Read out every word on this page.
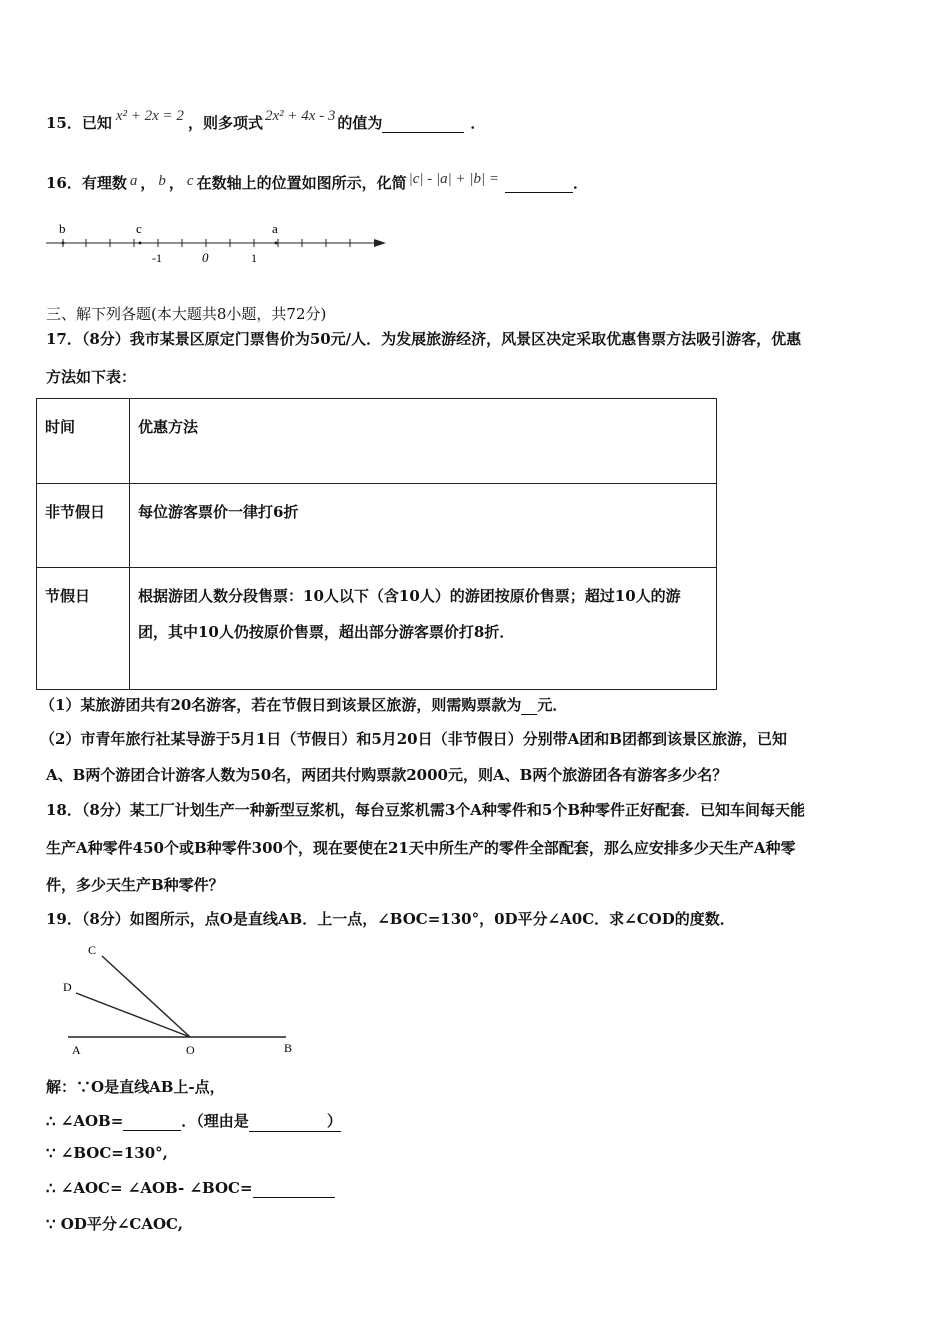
15．已知 x² + 2x = 2 ，则多项式 2x² + 4x - 3 的值为	．
16．有理数 a ， b ， c 在数轴上的位置如图所示，化简 |c| - |a| + |b| =	．
b	c	a
-1	0	1
三、解下列各题(本大题共8小题，共72分)
17．（8分）我市某景区原定门票售价为50元/人．为发展旅游经济，风景区决定采取优惠售票方法吸引游客，优惠
方法如下表：
时间	优惠方法
非节假日	每位游客票价一律打6折
节假日	根据游团人数分段售票：10人以下（含10人）的游团按原价售票；超过10人的游团，其中10人仍按原价售票，超出部分游客票价打8折．
（1）某旅游团共有20名游客，若在节假日到该景区旅游，则需购票款为 元．
（2）市青年旅行社某导游于5月1日（节假日）和5月20日（非节假日）分别带A团和B团都到该景区旅游，已知
A、B两个游团合计游客人数为50名，两团共付购票款2000元，则A、B两个旅游团各有游客多少名？
18．（8分）某工厂计划生产一种新型豆浆机，每台豆浆机需3个A种零件和5个B种零件正好配套．已知车间每天能
生产A种零件450个或B种零件300个，现在要使在21天中所生产的零件全部配套，那么应安排多少天生产A种零
件，多少天生产B种零件？
19．（8分）如图所示，点O是直线AB．上一点，∠BOC=130°，0D平分∠A0C．求∠COD的度数．
C
D
A	O	B
解：∵O是直线AB上-点，
∴ ∠AOB=	．（理由是	）
∵ ∠BOC=130°,
∴ ∠AOC= ∠AOB- ∠BOC=
∵ OD平分∠CAOC,
